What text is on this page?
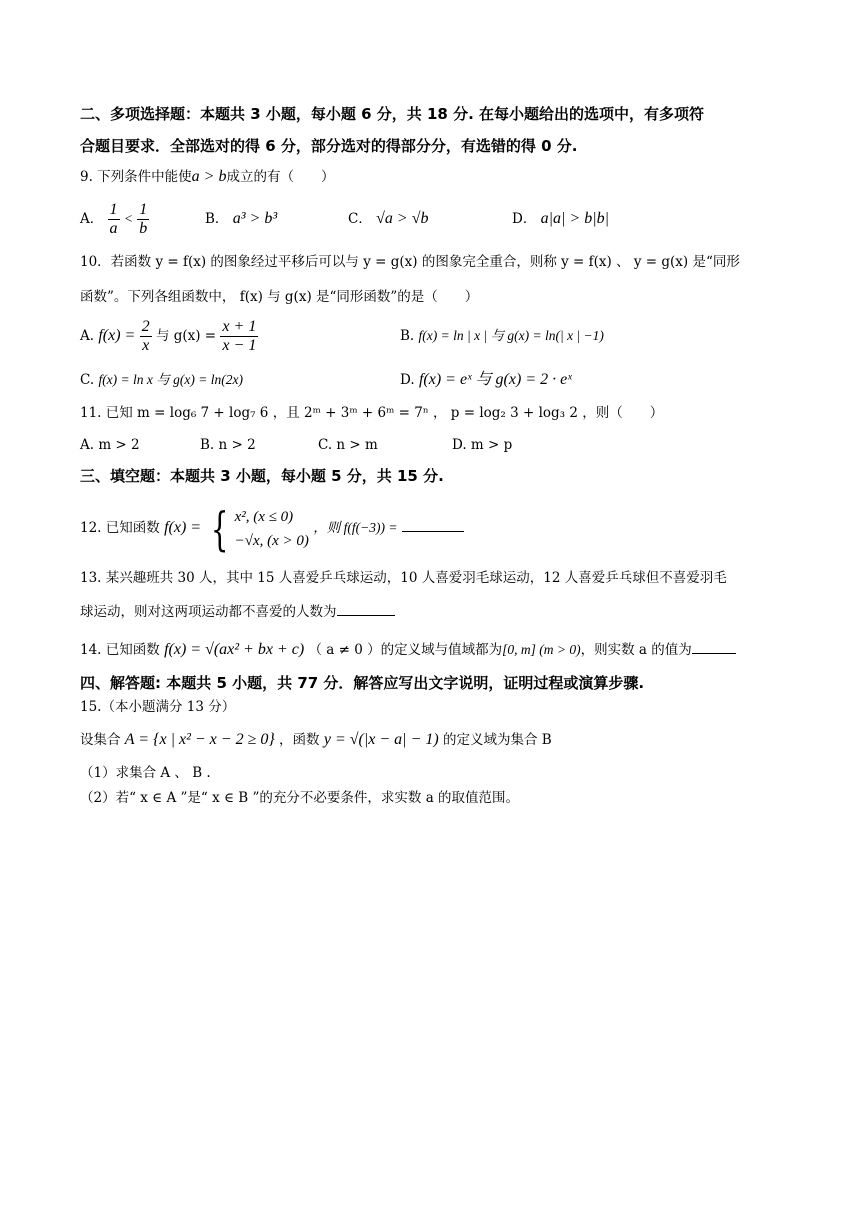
二、多项选择题：本题共 3 小题，每小题 6 分，共 18 分. 在每小题给出的选项中，有多项符
合题目要求．全部选对的得 6 分，部分选对的得部分分，有选错的得 0 分.
9. 下列条件中能使a > b成立的有（　　）
A． $\frac{1}{a} < \frac{1}{b}$	B． a³ > b³	C． √a > √b	D． a|a| > b|b|
10．若函数 y = f(x) 的图象经过平移后可以与 y = g(x) 的图象完全重合，则称 y = f(x) 、 y = g(x) 是“同形
函数”。下列各组函数中， f(x) 与 g(x) 是“同形函数”的是（　　）
A. $f(x) = \frac{2}{x}$ 与 $g(x) = \frac{x + 1}{x - 1}$	B. f(x) = ln | x | 与 g(x) = ln(| x | −1)
C. f(x) = ln x 与 g(x) = ln(2x)	D. f(x) = eˣ 与 g(x) = 2 · eˣ
11. 已知 m = log₆ 7 + log₇ 6 ，且 2ᵐ + 3ᵐ + 6ᵐ = 7ⁿ ， p = log₂ 3 + log₃ 2 ，则（　　）
A. m > 2	B. n > 2	C. n > m	D. m > p
三、填空题：本题共 3 小题，每小题 5 分，共 15 分.
12. 已知函数 f(x) = { x², (x ≤ 0)
−√x, (x > 0)
，则 f(f(−3)) =
13. 某兴趣班共 30 人，其中 15 人喜爱乒乓球运动，10 人喜爱羽毛球运动，12 人喜爱乒乓球但不喜爱羽毛
球运动，则对这两项运动都不喜爱的人数为
14. 已知函数 f(x) = √(ax² + bx + c) （ a ≠ 0 ）的定义域与值域都为[0, m] (m > 0)，则实数 a 的值为
四、解答题: 本题共 5 小题，共 77 分．解答应写出文字说明，证明过程或演算步骤.
15.（本小题满分 13 分）
设集合 A = {x | x² − x − 2 ≥ 0} ，函数 y = √(|x − a| − 1) 的定义域为集合 B
（1）求集合 A 、 B .
（2）若“ x ∈ A ”是“ x ∈ B ”的充分不必要条件，求实数 a 的取值范围。
